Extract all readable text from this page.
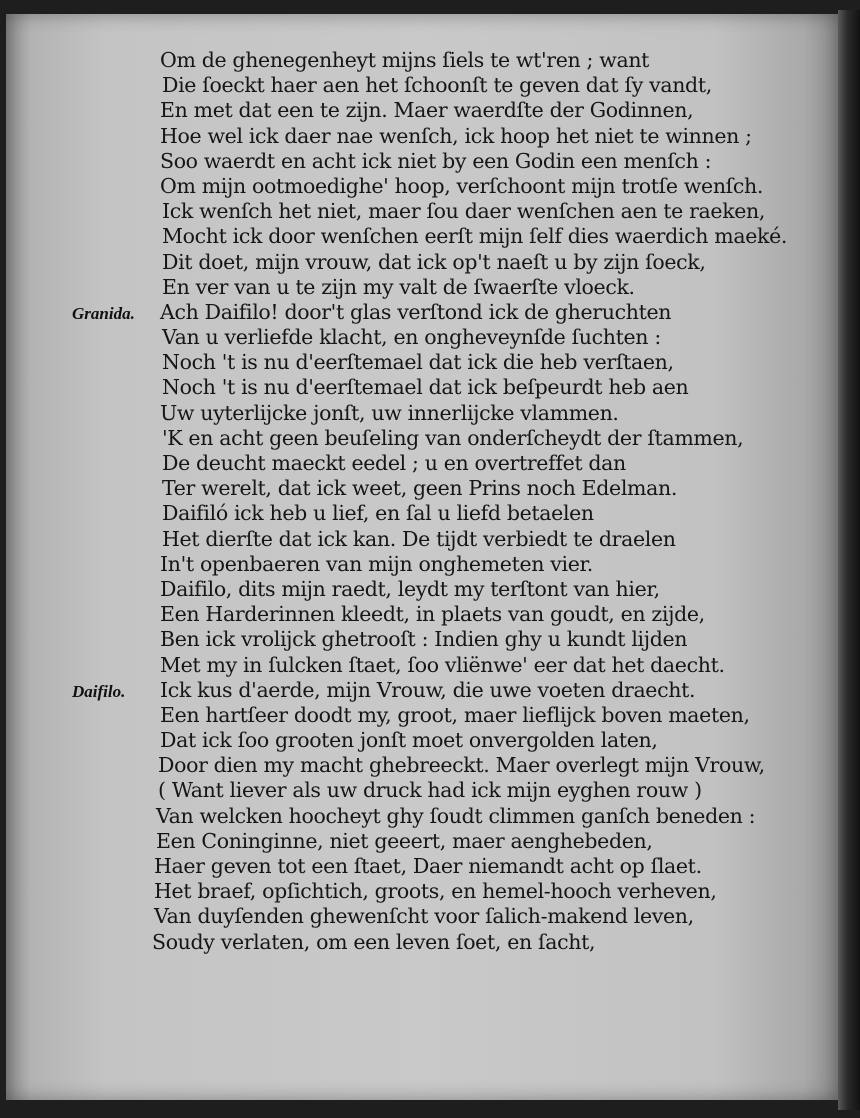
Om de ghenegenheyt mijns ſiels te wt'ren ; want
Die ſoeckt haer aen het ſchoonſt te geven dat ſy vandt,
En met dat een te zijn. Maer waerdſte der Godinnen,
Hoe wel ick daer nae wenſch, ick hoop het niet te winnen ;
Soo waerdt en acht ick niet by een Godin een menſch :
Om mijn ootmoedighe' hoop, verſchoont mijn trotſe wenſch.
Ick wenſch het niet, maer ſou daer wenſchen aen te raeken,
Mocht ick door wenſchen eerſt mijn ſelf dies waerdich maeké.
Dit doet, mijn vrouw, dat ick op't naeſt u by zijn ſoeck,
En ver van u te zijn my valt de ſwaerſte vloeck.
Granida. Ach Daifilo! door't glas verſtond ick de gheruchten
Van u verliefde klacht, en ongheveynſde ſuchten :
Noch 't is nu d'eerſtemael dat ick die heb verſtaen,
Noch 't is nu d'eerſtemael dat ick beſpeurdt heb aen
Uw uyterlijcke jonſt, uw innerlijcke vlammen.
'K en acht geen beuſeling van onderſcheydt der ſtammen,
De deucht maeckt eedel ; u en overtreffet dan
Ter werelt, dat ick weet, geen Prins noch Edelman.
Daifiló ick heb u lief, en ſal u liefd betaelen
Het dierſte dat ick kan. De tijdt verbiedt te draelen
In't openbaeren van mijn onghemeten vier.
Daifilo, dits mijn raedt, leydt my terſtont van hier,
Een Harderinnen kleedt, in plaets van goudt, en zijde,
Ben ick vrolijck ghetrooſt : Indien ghy u kundt lijden
Met my in ſulcken ſtaet, ſoo vliënwe' eer dat het daecht.
Daifilo. Ick kus d'aerde, mijn Vrouw, die uwe voeten draecht.
Een hartſeer doodt my, groot, maer lieflijck boven maeten,
Dat ick ſoo grooten jonſt moet onvergolden laten,
Door dien my macht ghebreeckt. Maer overlegt mijn Vrouw,
( Want liever als uw druck had ick mijn eyghen rouw )
Van welcken hoocheyt ghy ſoudt climmen ganſch beneden :
Een Coninginne, niet geeert, maer aenghebeden,
Haer geven tot een ſtaet, Daer niemandt acht op ſlaet.
Het braef, opſichtich, groots, en hemel-hooch verheven,
Van duyſenden ghewenſcht voor ſalich-makend leven,
Soudy verlaten, om een leven ſoet, en ſacht,
